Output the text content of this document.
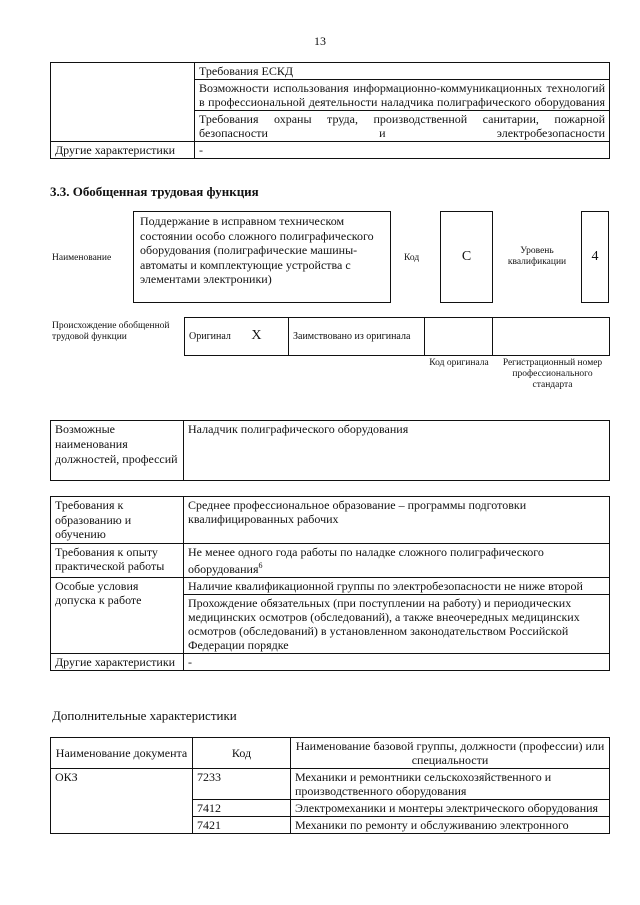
13
	Требования ЕСКД
	Возможности использования информационно-коммуникационных технологий в профессиональной деятельности наладчика полиграфического оборудования
	Требования охраны труда, производственной санитарии, пожарной безопасности и электробезопасности
Другие характеристики	-
3.3. Обобщенная трудовая функция
Наименование
Поддержание в исправном техническом состоянии особо сложного полиграфического оборудования (полиграфические машины-автоматы и комплектующие устройства с элементами электроники)
Код	C	Уровень квалификации	4
Происхождение обобщенной трудовой функции	Оригинал X	Заимствовано из оригинала		
Код оригинала	Регистрационный номер профессионального стандарта
Возможные наименования должностей, профессий	Наладчик полиграфического оборудования
Требования к образованию и обучению	Среднее профессиональное образование – программы подготовки квалифицированных рабочих
Требования к опыту практической работы	Не менее одного года работы по наладке сложного полиграфического оборудования$^6$
Особые условия допуска к работе	Наличие квалификационной группы по электробезопасности не ниже второй
	Прохождение обязательных (при поступлении на работу) и периодических медицинских осмотров (обследований), а также внеочередных медицинских осмотров (обследований) в установленном законодательством Российской Федерации порядке
Другие характеристики	-
Дополнительные характеристики
Наименование документа	Код	Наименование базовой группы, должности (профессии) или специальности
ОКЗ	7233	Механики и ремонтники сельскохозяйственного и производственного оборудования
	7412	Электромеханики и монтеры электрического оборудования
	7421	Механики по ремонту и обслуживанию электронного
